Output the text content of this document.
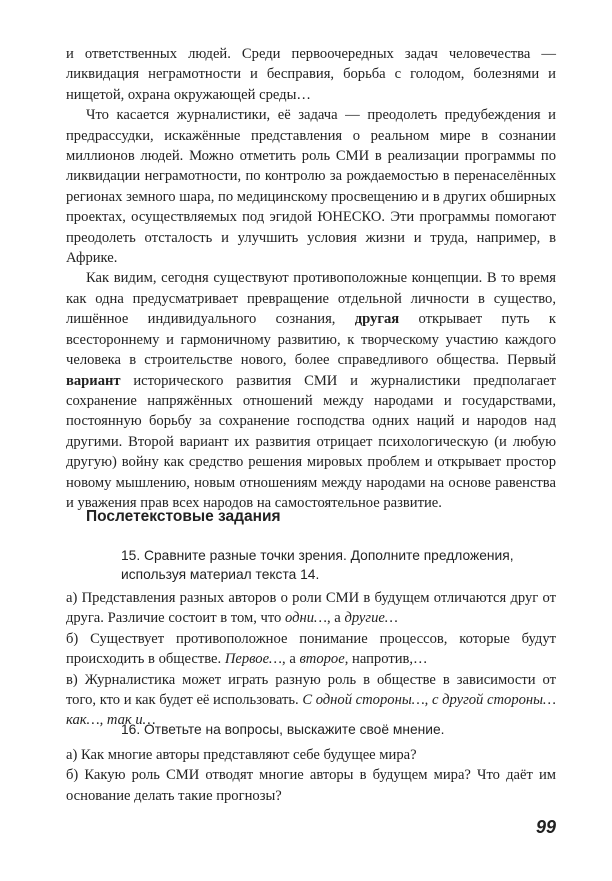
и ответственных людей. Среди первоочередных задач человечества — ликвидация неграмотности и бесправия, борьба с голодом, болезнями и нищетой, охрана окружающей среды…

Что касается журналистики, её задача — преодолеть предубеждения и предрассудки, искажённые представления о реальном мире в сознании миллионов людей. Можно отметить роль СМИ в реализации программы по ликвидации неграмотности, по контролю за рождаемостью в перенаселённых регионах земного шара, по медицинскому просвещению и в других обширных проектах, осуществляемых под эгидой ЮНЕСКО. Эти программы помогают преодолеть отсталость и улучшить условия жизни и труда, например, в Африке.

Как видим, сегодня существуют противоположные концепции. В то время как одна предусматривает превращение отдельной личности в существо, лишённое индивидуального сознания, другая открывает путь к всестороннему и гармоничному развитию, к творческому участию каждого человека в строительстве нового, более справедливого общества. Первый вариант исторического развития СМИ и журналистики предполагает сохранение напряжённых отношений между народами и государствами, постоянную борьбу за сохранение господства одних наций и народов над другими. Второй вариант их развития отрицает психологическую (и любую другую) войну как средство решения мировых проблем и открывает простор новому мышлению, новым отношениям между народами на основе равенства и уважения прав всех народов на самостоятельное развитие.

Послетекстовые задания
15. Сравните разные точки зрения. Дополните предложения, используя материал текста 14.

а) Представления разных авторов о роли СМИ в будущем отличаются друг от друга. Различие состоит в том, что одни…, а другие…

б) Существует противоположное понимание процессов, которые будут происходить в обществе. Первое…, а второе, напротив,…

в) Журналистика может играть разную роль в обществе в зависимости от того, кто и как будет её использовать. С одной стороны…, с другой стороны… как…, так и…

16. Ответьте на вопросы, выскажите своё мнение.

а) Как многие авторы представляют себе будущее мира?

б) Какую роль СМИ отводят многие авторы в будущем мира? Что даёт им основание делать такие прогнозы?

99
